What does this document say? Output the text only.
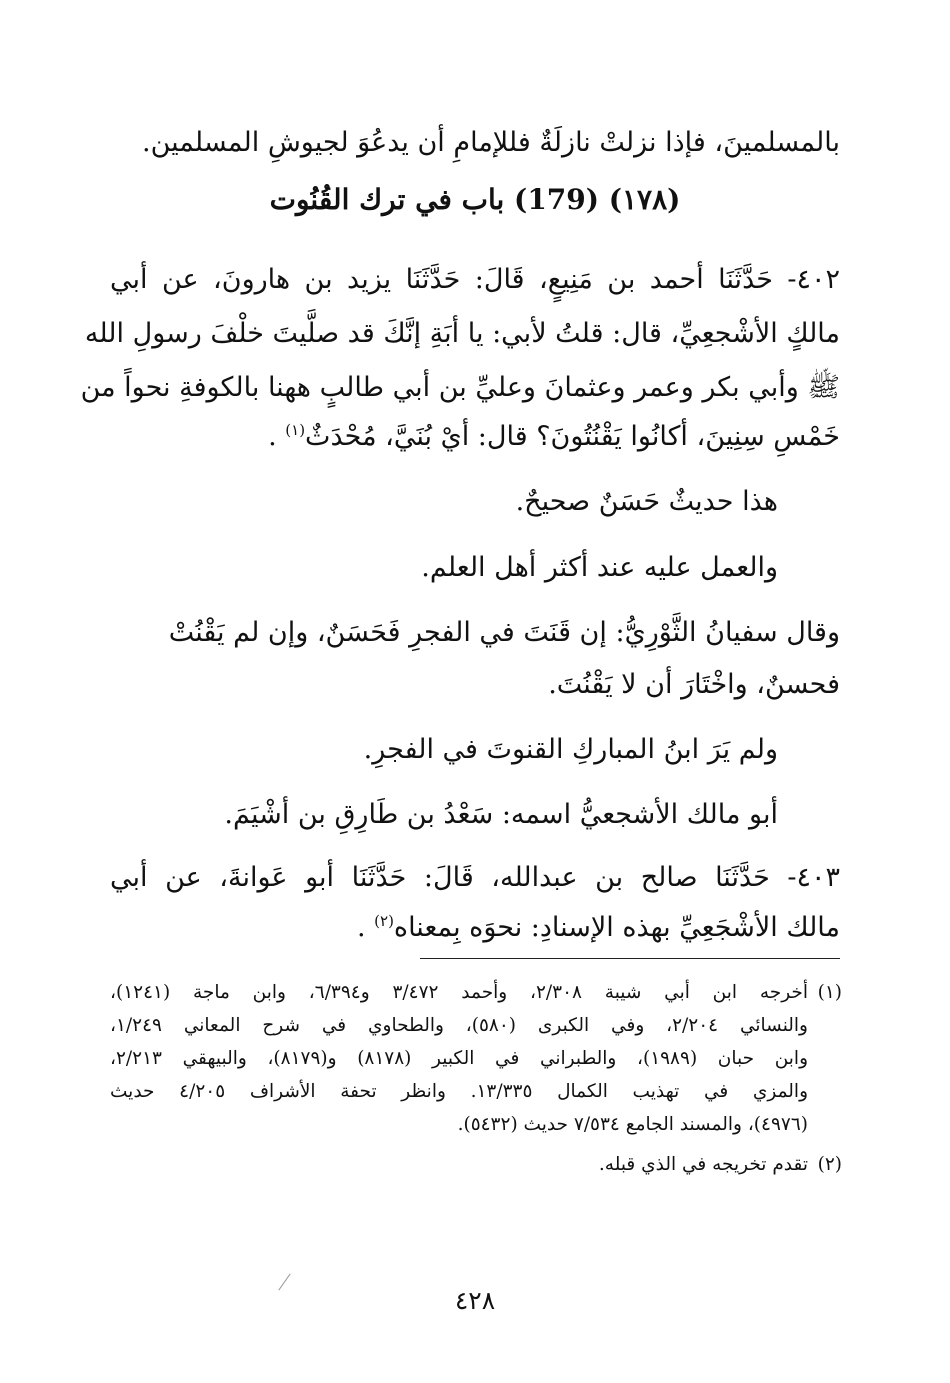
بالمسلمينَ، فإذا نزلتْ نازلَةٌ فللإمامِ أن يدعُوَ لجيوشِ المسلمين.
(١٧٨) (179) باب في ترك القُنُوت
٤٠٢- حَدَّثَنَا أحمد بن مَنِيعٍ، قَالَ: حَدَّثَنَا يزيد بن هارونَ، عن أبي
مالكٍ الأشْجعِيِّ، قال: قلتُ لأبي: يا أبَةِ إنَّكَ قد صلَّيتَ خلْفَ رسولِ الله
ﷺ وأبي بكر وعمر وعثمانَ وعليِّ بن أبي طالبٍ ههنا بالكوفةِ نحواً من
خَمْسِ سِنِينَ، أكانُوا يَقْنُتُونَ؟ قال: أيْ بُنَيَّ، مُحْدَثٌ$^{(١)}$ .
هذا حديثٌ حَسَنٌ صحيحٌ.
والعمل عليه عند أكثر أهل العلم.
وقال سفيانُ الثَّوْرِيُّ: إن قَنَتَ في الفجرِ فَحَسَنٌ، وإن لم يَقْنُتْ
فحسنٌ، واخْتَارَ أن لا يَقْنُتَ.
ولم يَرَ ابنُ المباركِ القنوتَ في الفجرِ.
أبو مالك الأشجعيُّ اسمه: سَعْدُ بن طَارِقِ بن أشْيَمَ.
٤٠٣- حَدَّثَنَا صالح بن عبدالله، قَالَ: حَدَّثَنَا أبو عَوانةَ، عن أبي
مالك الأشْجَعِيِّ بهذه الإسنادِ: نحوَه بِمعناه$^{(٢)}$ .
(١)
أخرجه ابن أبي شيبة ٢/٣٠٨، وأحمد ٣/٤٧٢ و٦/٣٩٤، وابن ماجة (١٢٤١)،
والنسائي ٢/٢٠٤، وفي الكبرى (٥٨٠)، والطحاوي في شرح المعاني ١/٢٤٩،
وابن حبان (١٩٨٩)، والطبراني في الكبير (٨١٧٨) و(٨١٧٩)، والبيهقي ٢/٢١٣،
والمزي في تهذيب الكمال ١٣/٣٣٥. وانظر تحفة الأشراف ٤/٢٠٥ حديث
(٤٩٧٦)، والمسند الجامع ٧/٥٣٤ حديث (٥٤٣٢).
(٢)
تقدم تخريجه في الذي قبله.
٤٢٨
